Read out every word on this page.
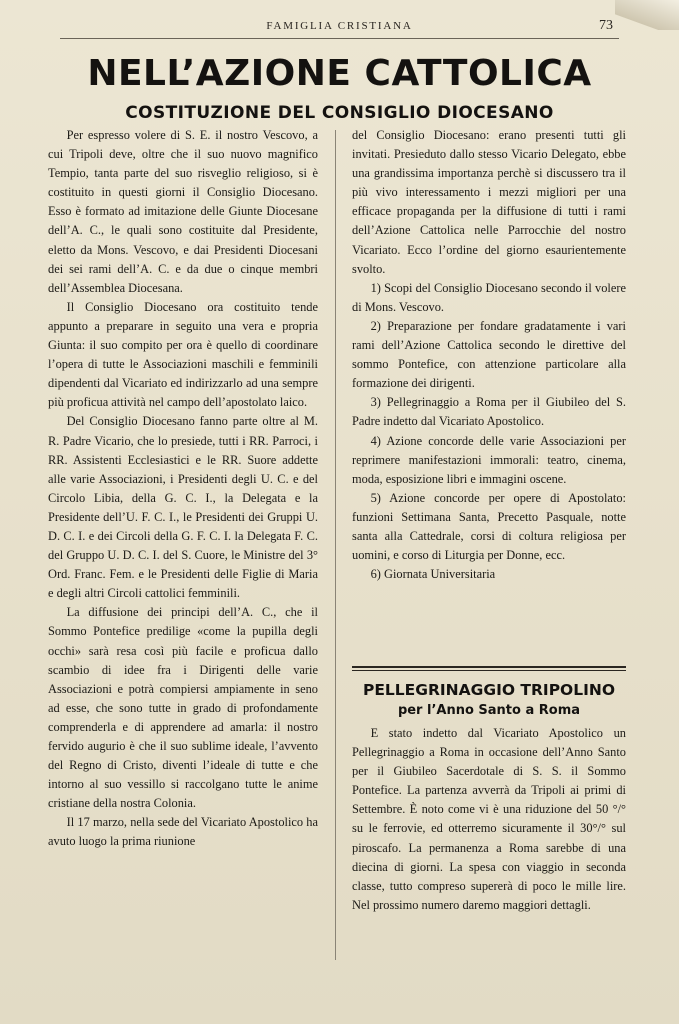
FAMIGLIA CRISTIANA	73
NELL’AZIONE CATTOLICA
COSTITUZIONE DEL CONSIGLIO DIOCESANO

Per espresso volere di S. E. il nostro Vescovo, a cui Tripoli deve, oltre che il suo nuovo magnifico Tempio, tanta parte del suo risveglio religioso, si è costituito in questi giorni il Consiglio Diocesano. Esso è formato ad imitazione delle Giunte Diocesane dell’A. C., le quali sono costituite dal Presidente, eletto da Mons. Vescovo, e dai Presidenti Diocesani dei sei rami dell’A. C. e da due o cinque membri dell’Assemblea Diocesana.

Il Consiglio Diocesano ora costituito tende appunto a preparare in seguito una vera e propria Giunta: il suo compito per ora è quello di coordinare l’opera di tutte le Associazioni maschili e femminili dipendenti dal Vicariato ed indirizzarlo ad una sempre più proficua attività nel campo dell’apostolato laico.

Del Consiglio Diocesano fanno parte oltre al M. R. Padre Vicario, che lo presiede, tutti i RR. Parroci, i RR. Assistenti Ecclesiastici e le RR. Suore addette alle varie Associazioni, i Presidenti degli U. C. e del Circolo Libia, della G. C. I., la Delegata e la Presidente dell’U. F. C. I., le Presidenti dei Gruppi U. D. C. I. e dei Circoli della G. F. C. I. la Delegata F. C. del Gruppo U. D. C. I. del S. Cuore, le Ministre del 3° Ord. Franc. Fem. e le Presidenti delle Figlie di Maria e degli altri Circoli cattolici femminili.

La diffusione dei principi dell’A. C., che il Sommo Pontefice predilige «come la pupilla degli occhi» sarà resa così più facile e proficua dallo scambio di idee fra i Dirigenti delle varie Associazioni e potrà compiersi ampiamente in seno ad esse, che sono tutte in grado di profondamente comprenderla e di apprendere ad amarla: il nostro fervido augurio è che il suo sublime ideale, l’avvento del Regno di Cristo, diventi l’ideale di tutte e che intorno al suo vessillo si raccolgano tutte le anime cristiane della nostra Colonia.

Il 17 marzo, nella sede del Vicariato Apostolico ha avuto luogo la prima riunione

del Consiglio Diocesano: erano presenti tutti gli invitati. Presieduto dallo stesso Vicario Delegato, ebbe una grandissima importanza perchè si discussero tra il più vivo interessamento i mezzi migliori per una efficace propaganda per la diffusione di tutti i rami dell’Azione Cattolica nelle Parrocchie del nostro Vicariato. Ecco l’ordine del giorno esaurientemente svolto.

1) Scopi del Consiglio Diocesano secondo il volere di Mons. Vescovo.

2) Preparazione per fondare gradatamente i vari rami dell’Azione Cattolica secondo le direttive del sommo Pontefice, con attenzione particolare alla formazione dei dirigenti.

3) Pellegrinaggio a Roma per il Giubileo del S. Padre indetto dal Vicariato Apostolico.

4) Azione concorde delle varie Associazioni per reprimere manifestazioni immorali: teatro, cinema, moda, esposizione libri e immagini oscene.

5) Azione concorde per opere di Apostolato: funzioni Settimana Santa, Precetto Pasquale, notte santa alla Cattedrale, corsi di coltura religiosa per uomini, e corso di Liturgia per Donne, ecc.

6) Giornata Universitaria

PELLEGRINAGGIO TRIPOLINO
per l’Anno Santo a Roma

E stato indetto dal Vicariato Apostolico un Pellegrinaggio a Roma in occasione dell’Anno Santo per il Giubileo Sacerdotale di S. S. il Sommo Pontefice. La partenza avverrà da Tripoli ai primi di Settembre. È noto come vi è una riduzione del 50 °/° su le ferrovie, ed otterremo sicuramente il 30°/° sul piroscafo. La permanenza a Roma sarebbe di una diecina di giorni. La spesa con viaggio in seconda classe, tutto compreso supererà di poco le mille lire. Nel prossimo numero daremo maggiori dettagli.
